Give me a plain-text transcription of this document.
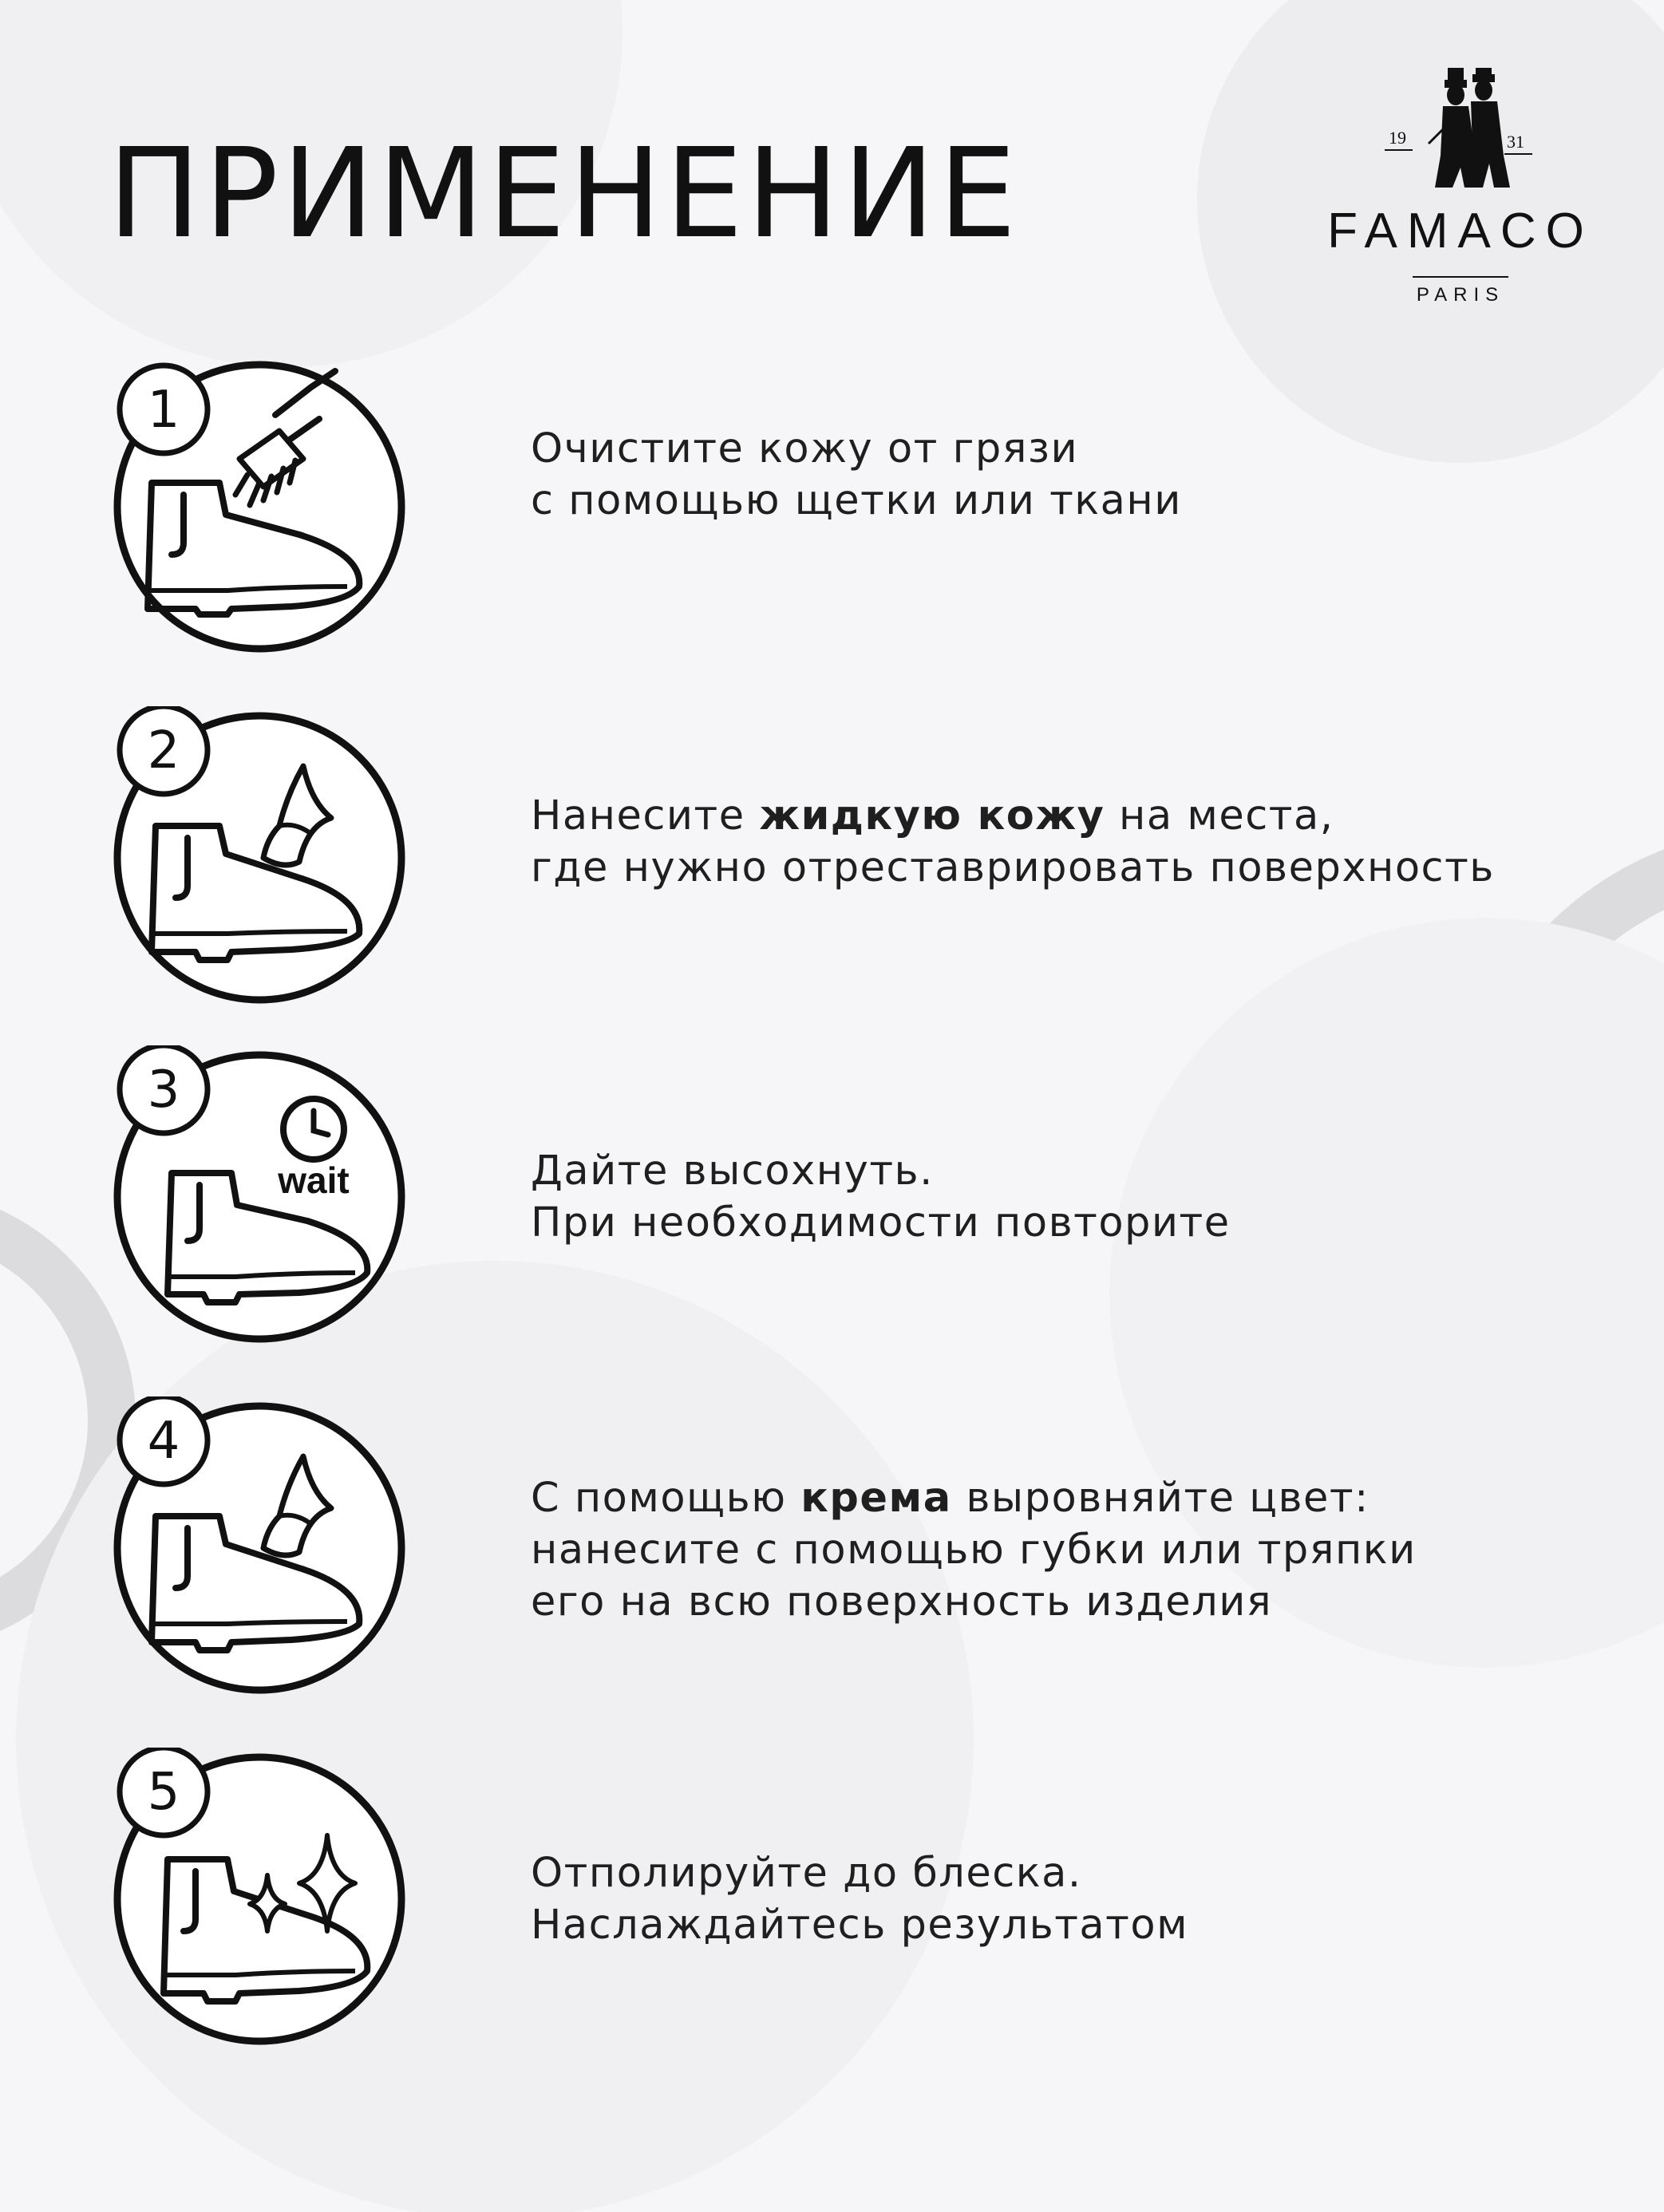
ПРИМЕНЕНИЕ	19	31
FAMACO
PARIS
1
Очистите кожу от грязи
с помощью щетки или ткани
2
Нанесите жидкую кожу на места,
где нужно отреставрировать поверхность
3
wait	Дайте высохнуть.
При необходимости повторите
4
С помощью крема выровняйте цвет:
нанесите с помощью губки или тряпки
его на всю поверхность изделия
5
Отполируйте до блеска.
Наслаждайтесь результатом
